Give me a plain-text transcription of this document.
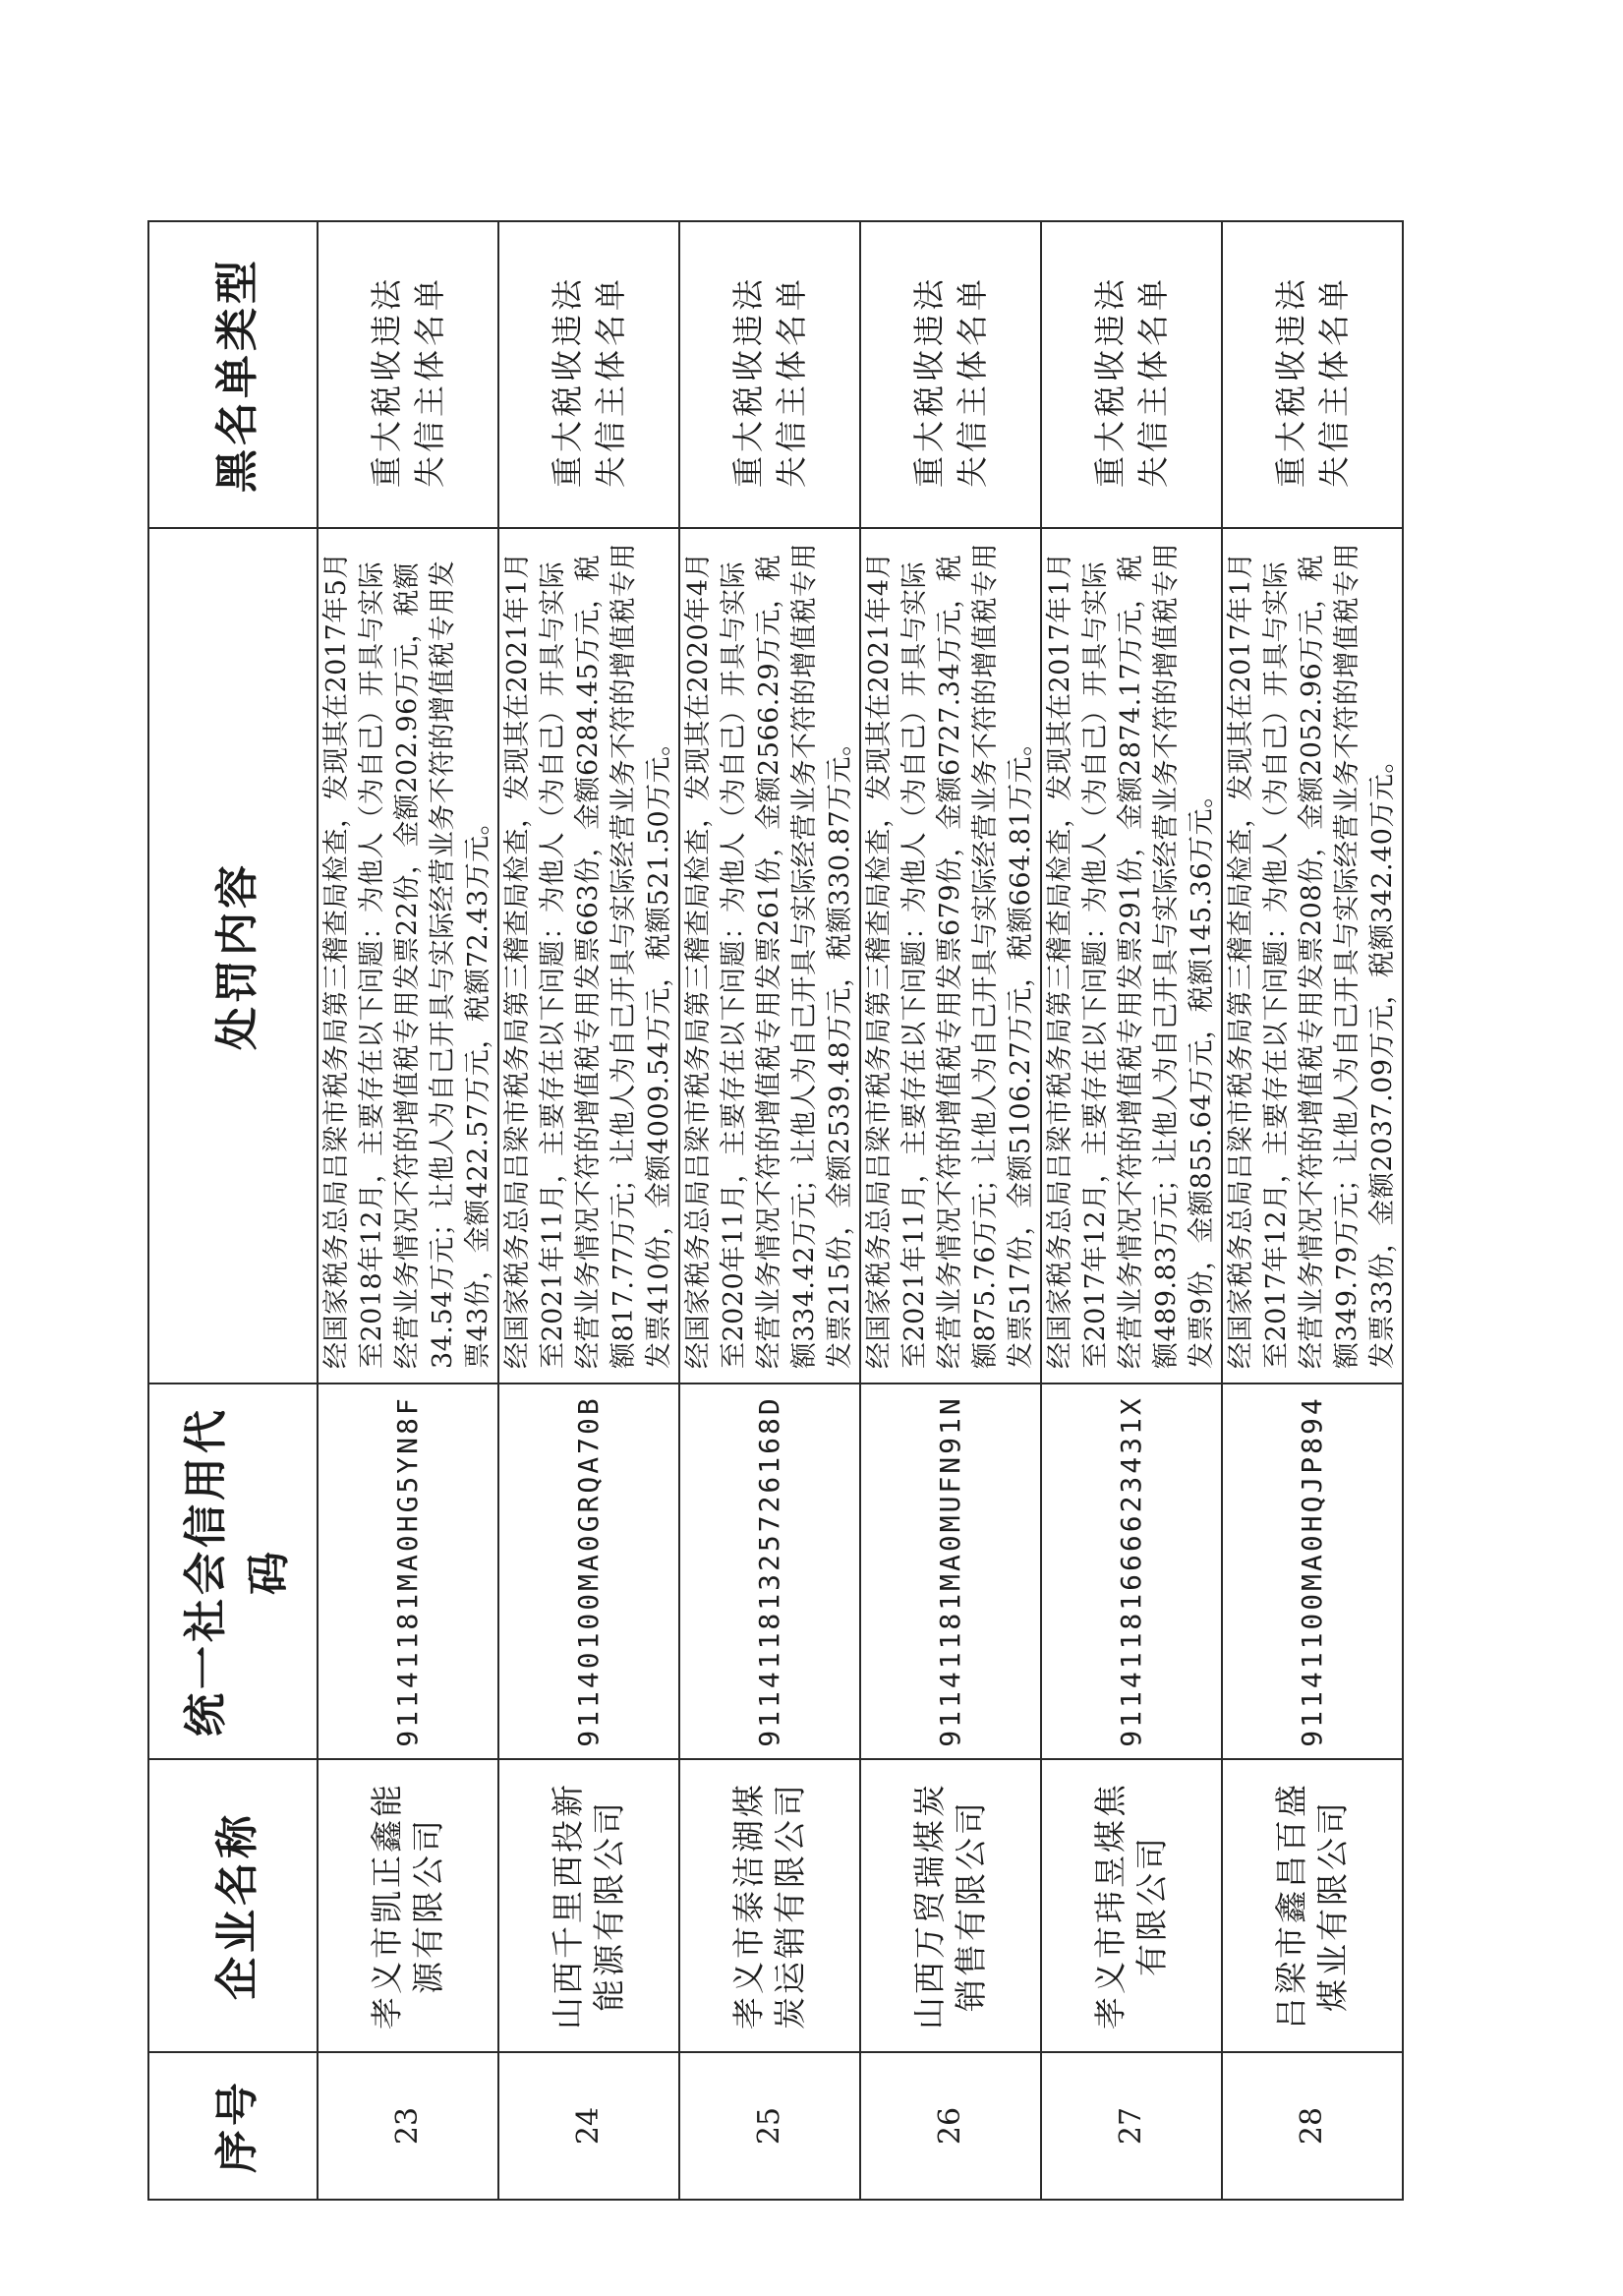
序号	企业名称	统一社会信用代码	处罚内容	黑名单类型
23	孝义市凯正鑫能源有限公司	91141181MA0HG5YN8F	经国家税务总局吕梁市税务局第三稽查局检查，发现其在2017年5月至2018年12月，主要存在以下问题：为他人（为自己）开具与实际经营业务情况不符的增值税专用发票22份，金额202.96万元，税额34.54万元；让他人为自己开具与实际经营业务不符的增值税专用发票43份，金额422.57万元，税额72.43万元。	重大税收违法失信主体名单
24	山西千里西投新能源有限公司	91140100MA0GRQA70B	经国家税务总局吕梁市税务局第三稽查局检查，发现其在2021年1月至2021年11月，主要存在以下问题：为他人（为自己）开具与实际经营业务情况不符的增值税专用发票663份，金额6284.45万元，税额817.77万元；让他人为自己开具与实际经营业务不符的增值税专用发票410份，金额4009.54万元，税额521.50万元。	重大税收违法失信主体名单
25	孝义市泰洁湖煤炭运销有限公司	91141181325726168D	经国家税务总局吕梁市税务局第三稽查局检查，发现其在2020年4月至2020年11月，主要存在以下问题：为他人（为自己）开具与实际经营业务情况不符的增值税专用发票261份，金额2566.29万元，税额334.42万元；让他人为自己开具与实际经营业务不符的增值税专用发票215份，金额2539.48万元，税额330.87万元。	重大税收违法失信主体名单
26	山西万贸瑞煤炭销售有限公司	91141181MA0MUFN91N	经国家税务总局吕梁市税务局第三稽查局检查，发现其在2021年4月至2021年11月，主要存在以下问题：为他人（为自己）开具与实际经营业务情况不符的增值税专用发票679份，金额6727.34万元，税额875.76万元；让他人为自己开具与实际经营业务不符的增值税专用发票517份，金额5106.27万元，税额664.81万元。	重大税收违法失信主体名单
27	孝义市玮昱煤焦有限公司	91141181666623431X	经国家税务总局吕梁市税务局第三稽查局检查，发现其在2017年1月至2017年12月，主要存在以下问题：为他人（为自己）开具与实际经营业务情况不符的增值税专用发票291份，金额2874.17万元，税额489.83万元；让他人为自己开具与实际经营业务不符的增值税专用发票9份，金额855.64万元，税额145.36万元。	重大税收违法失信主体名单
28	吕梁市鑫昌百盛煤业有限公司	91141100MA0HQJP894	经国家税务总局吕梁市税务局第三稽查局检查，发现其在2017年1月至2017年12月，主要存在以下问题：为他人（为自己）开具与实际经营业务情况不符的增值税专用发票208份，金额2052.96万元，税额349.79万元；让他人为自己开具与实际经营业务不符的增值税专用发票33份，金额2037.09万元，税额342.40万元。	重大税收违法失信主体名单
